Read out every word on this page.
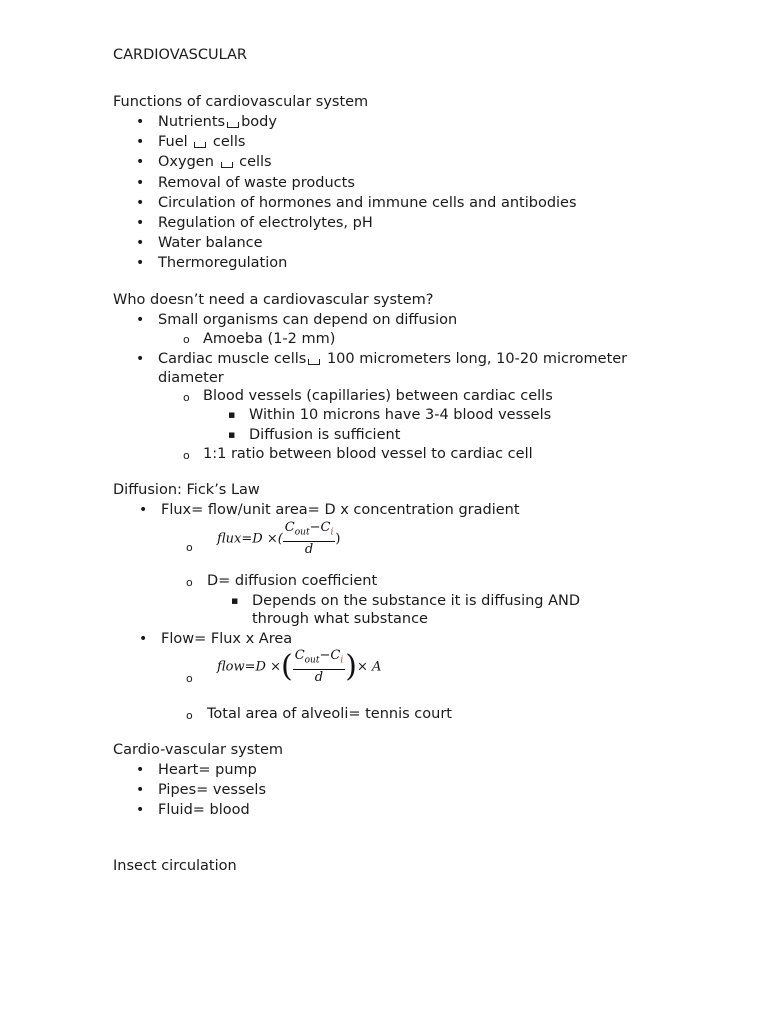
CARDIOVASCULAR
Functions of cardiovascular system
• Nutrients body
• Fuel cells
• Oxygen cells
• Removal of waste products
• Circulation of hormones and immune cells and antibodies
• Regulation of electrolytes, pH
• Water balance
• Thermoregulation
Who doesn’t need a cardiovascular system?
• Small organisms can depend on diffusion
o Amoeba (1-2 mm)
• Cardiac muscle cells 100 micrometers long, 10-20 micrometer
diameter
o Blood vessels (capillaries) between cardiac cells
▪ Within 10 microns have 3-4 blood vessels
▪ Diffusion is sufficient
o 1:1 ratio between blood vessel to cardiac cell
Diffusion: Fick’s Law
• Flux= flow/unit area= D x concentration gradient
o
flux=D ×( $\frac{C_{out}-C_i}{d}$ )
o D= diffusion coefficient
▪ Depends on the substance it is diffusing AND
through what substance
• Flow= Flux x Area
o
flow=D ×( $\frac{C_{out}-C_i}{d}$ )× A
o Total area of alveoli= tennis court
Cardio-vascular system
• Heart= pump
• Pipes= vessels
• Fluid= blood
Insect circulation
